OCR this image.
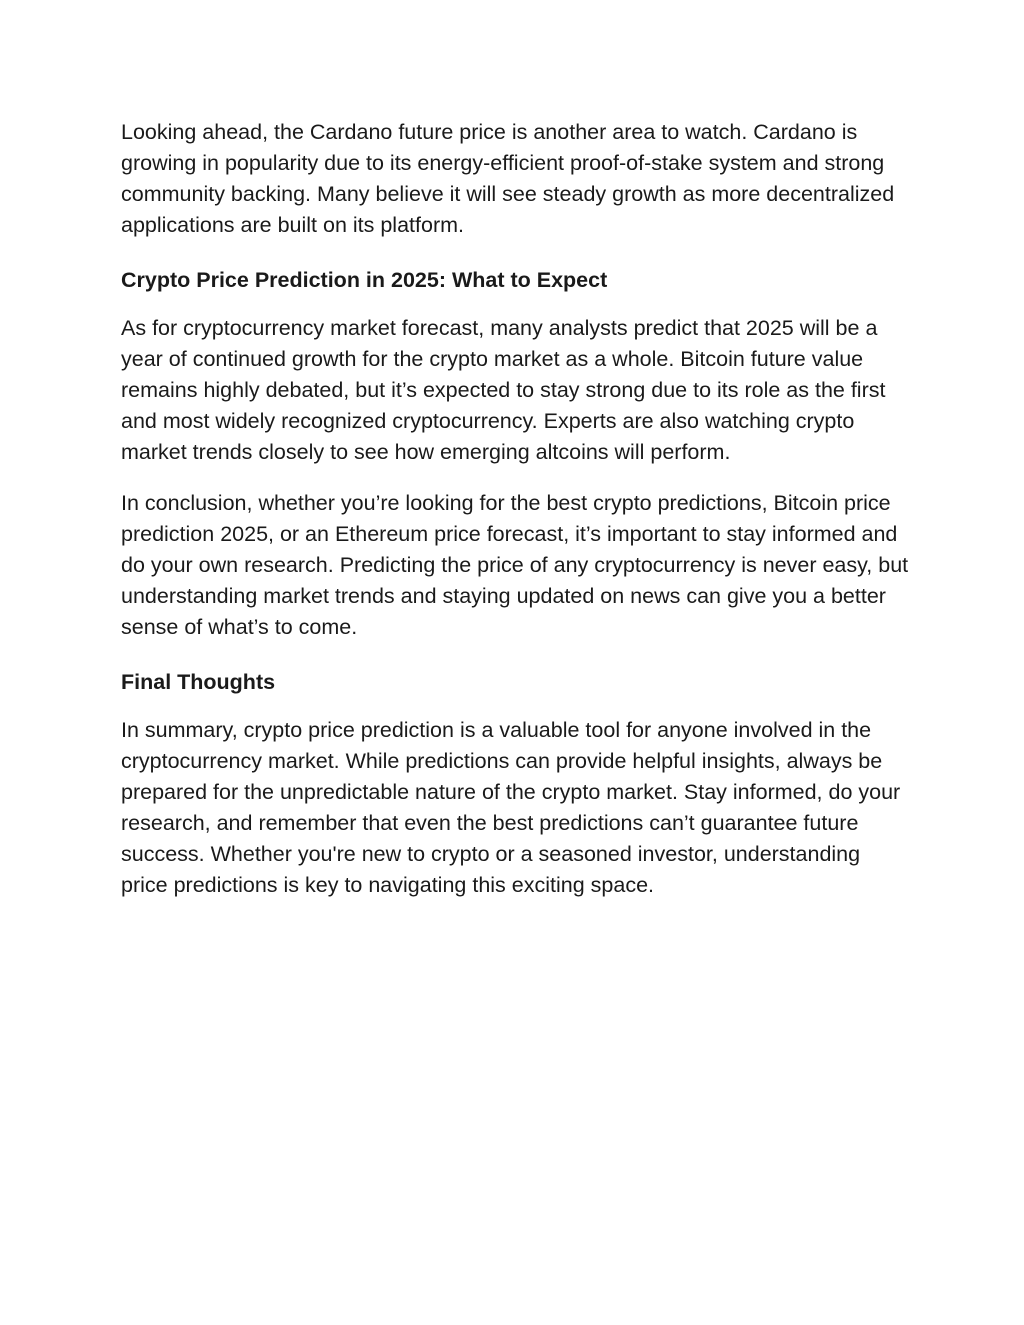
Looking ahead, the Cardano future price is another area to watch. Cardano is growing in popularity due to its energy-efficient proof-of-stake system and strong community backing. Many believe it will see steady growth as more decentralized applications are built on its platform.

Crypto Price Prediction in 2025: What to Expect

As for cryptocurrency market forecast, many analysts predict that 2025 will be a year of continued growth for the crypto market as a whole. Bitcoin future value remains highly debated, but it’s expected to stay strong due to its role as the first and most widely recognized cryptocurrency. Experts are also watching crypto market trends closely to see how emerging altcoins will perform.

In conclusion, whether you’re looking for the best crypto predictions, Bitcoin price prediction 2025, or an Ethereum price forecast, it’s important to stay informed and do your own research. Predicting the price of any cryptocurrency is never easy, but understanding market trends and staying updated on news can give you a better sense of what’s to come.

Final Thoughts

In summary, crypto price prediction is a valuable tool for anyone involved in the cryptocurrency market. While predictions can provide helpful insights, always be prepared for the unpredictable nature of the crypto market. Stay informed, do your research, and remember that even the best predictions can’t guarantee future success. Whether you're new to crypto or a seasoned investor, understanding price predictions is key to navigating this exciting space.
